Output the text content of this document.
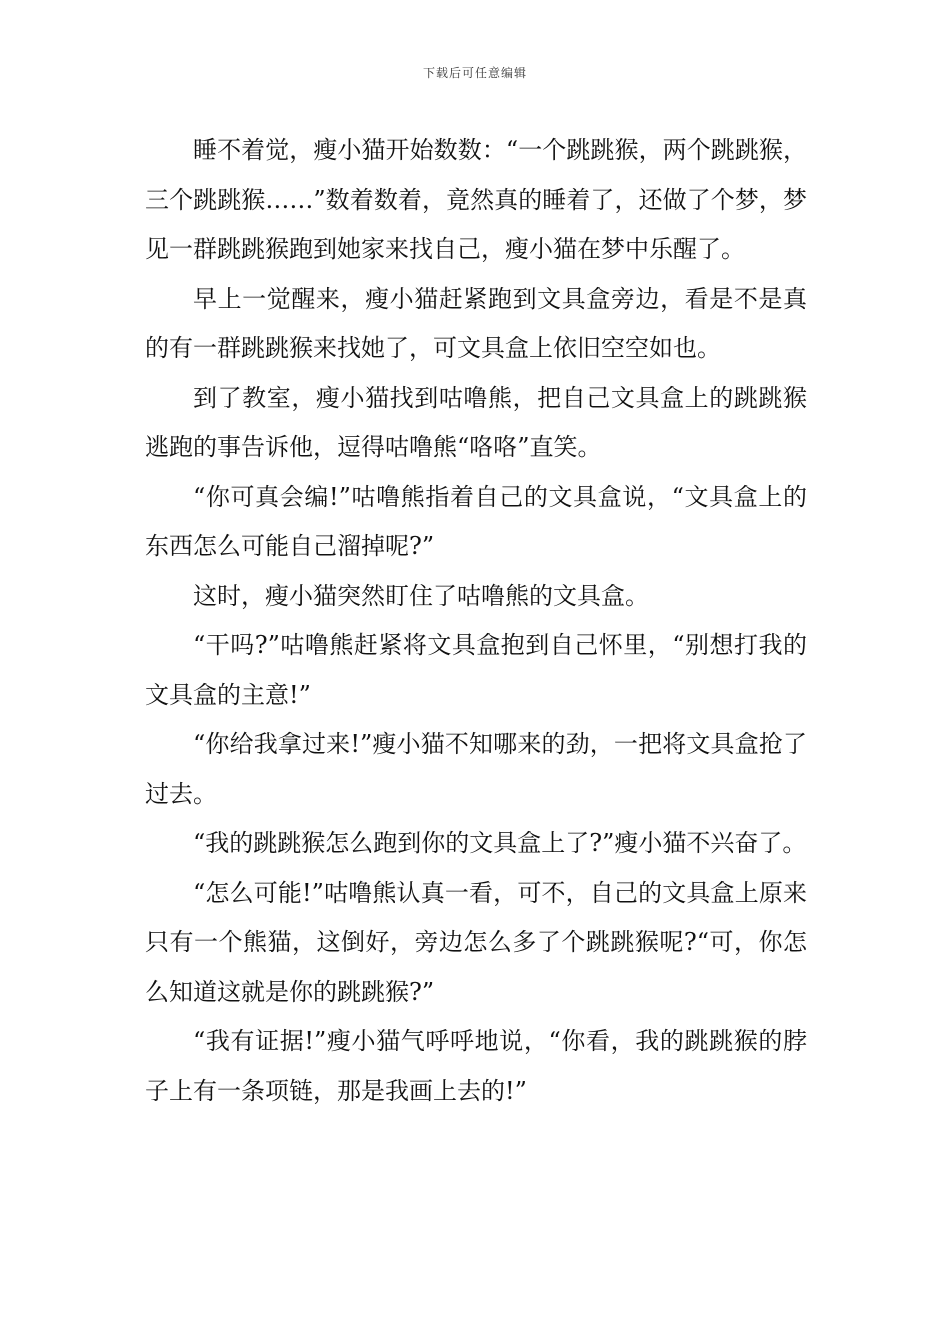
下载后可任意编辑

睡不着觉，瘦小猫开始数数：“一个跳跳猴，两个跳跳猴，三个跳跳猴……”数着数着，竟然真的睡着了，还做了个梦，梦见一群跳跳猴跑到她家来找自己，瘦小猫在梦中乐醒了。

早上一觉醒来，瘦小猫赶紧跑到文具盒旁边，看是不是真的有一群跳跳猴来找她了，可文具盒上依旧空空如也。

到了教室，瘦小猫找到咕噜熊，把自己文具盒上的跳跳猴逃跑的事告诉他，逗得咕噜熊“咯咯”直笑。

“你可真会编!”咕噜熊指着自己的文具盒说，“文具盒上的东西怎么可能自己溜掉呢?”

这时，瘦小猫突然盯住了咕噜熊的文具盒。

“干吗?”咕噜熊赶紧将文具盒抱到自己怀里，“别想打我的文具盒的主意!”

“你给我拿过来!”瘦小猫不知哪来的劲，一把将文具盒抢了过去。

“我的跳跳猴怎么跑到你的文具盒上了?”瘦小猫不兴奋了。

“怎么可能!”咕噜熊认真一看，可不，自己的文具盒上原来只有一个熊猫，这倒好，旁边怎么多了个跳跳猴呢?“可，你怎么知道这就是你的跳跳猴?”

“我有证据!”瘦小猫气呼呼地说，“你看，我的跳跳猴的脖子上有一条项链，那是我画上去的!”
